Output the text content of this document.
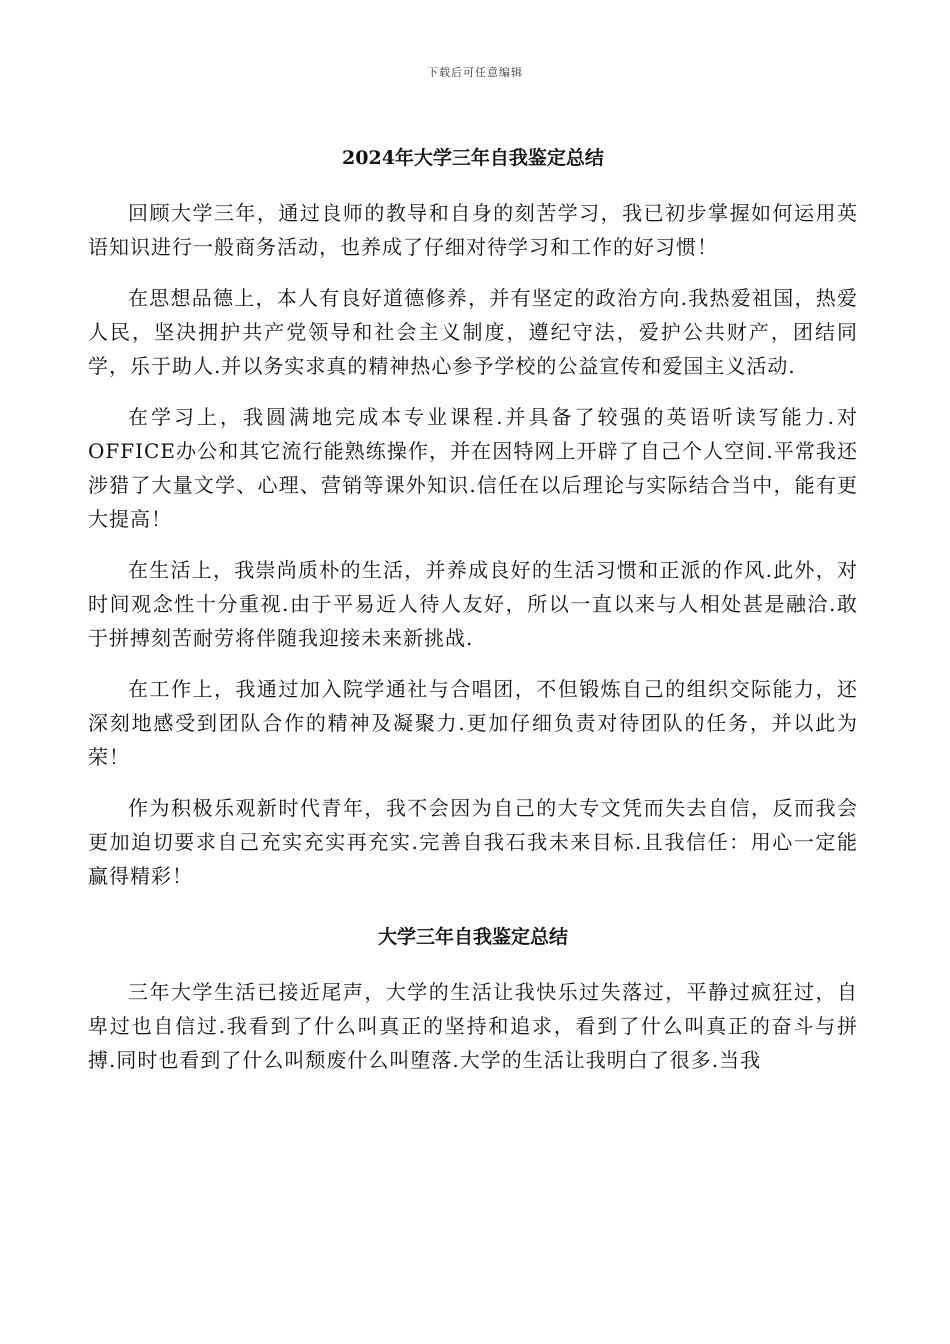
下载后可任意编辑
2024年大学三年自我鉴定总结

回顾大学三年，通过良师的教导和自身的刻苦学习，我已初步掌握如何运用英语知识进行一般商务活动，也养成了仔细对待学习和工作的好习惯！

在思想品德上，本人有良好道德修养，并有坚定的政治方向.我热爱祖国，热爱人民，坚决拥护共产党领导和社会主义制度，遵纪守法，爱护公共财产，团结同学，乐于助人.并以务实求真的精神热心参予学校的公益宣传和爱国主义活动.

在学习上，我圆满地完成本专业课程.并具备了较强的英语听读写能力.对OFFICE办公和其它流行能熟练操作，并在因特网上开辟了自己个人空间.平常我还涉猎了大量文学、心理、营销等课外知识.信任在以后理论与实际结合当中，能有更大提高！

在生活上，我崇尚质朴的生活，并养成良好的生活习惯和正派的作风.此外，对时间观念性十分重视.由于平易近人待人友好，所以一直以来与人相处甚是融洽.敢于拼搏刻苦耐劳将伴随我迎接未来新挑战.

在工作上，我通过加入院学通社与合唱团，不但锻炼自己的组织交际能力，还深刻地感受到团队合作的精神及凝聚力.更加仔细负责对待团队的任务，并以此为荣！

作为积极乐观新时代青年，我不会因为自己的大专文凭而失去自信，反而我会更加迫切要求自己充实充实再充实.完善自我石我未来目标.且我信任：用心一定能赢得精彩！

大学三年自我鉴定总结

三年大学生活已接近尾声，大学的生活让我快乐过失落过，平静过疯狂过，自卑过也自信过.我看到了什么叫真正的坚持和追求，看到了什么叫真正的奋斗与拼搏.同时也看到了什么叫颓废什么叫堕落.大学的生活让我明白了很多.当我
